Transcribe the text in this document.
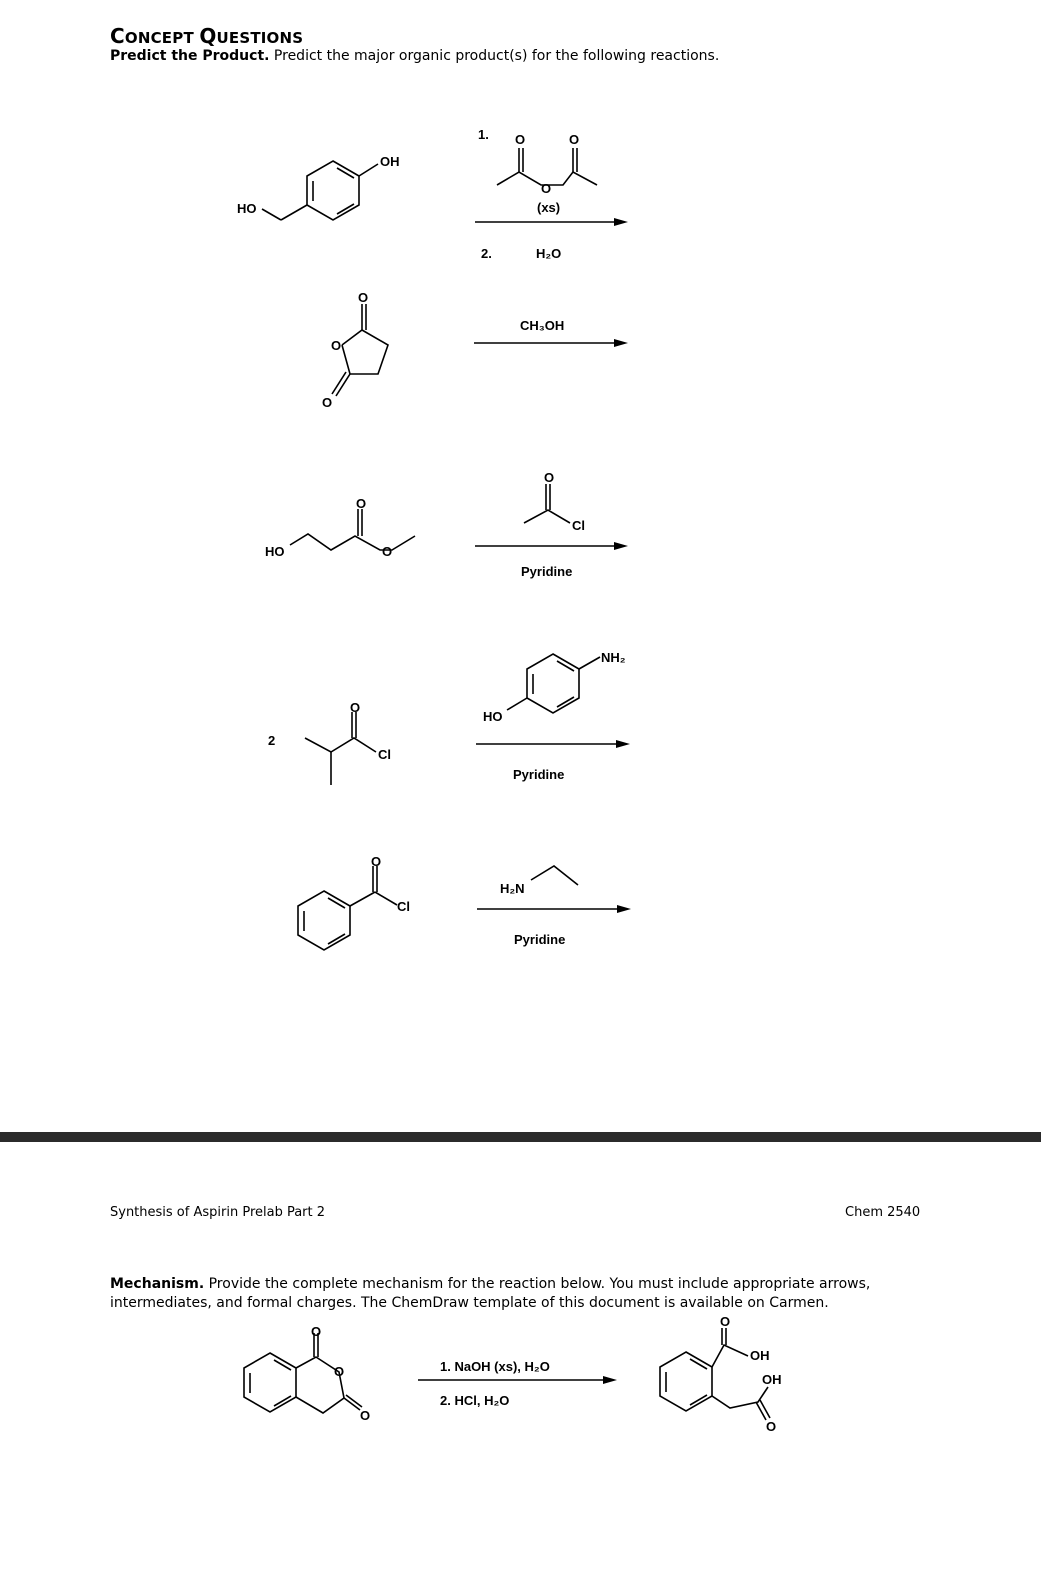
CONCEPT QUESTIONS
Predict the Product. Predict the major organic product(s) for the following reactions.
HO
OH
1. O
O
O
(xs)
2.	H₂O
O
O
O
CH₃OH
HO	O
O
O
Cl
Pyridine
2
O
Cl
NH₂
HO
Pyridine
O
Cl
H₂N
Pyridine
Synthesis of Aspirin Prelab Part 2	Chem 2540
Mechanism. Provide the complete mechanism for the reaction below. You must include appropriate arrows, intermediates, and formal charges. The ChemDraw template of this document is available on Carmen.
O
O
O
1. NaOH (xs), H₂O
2. HCl, H₂O
O
OH
OH
O
